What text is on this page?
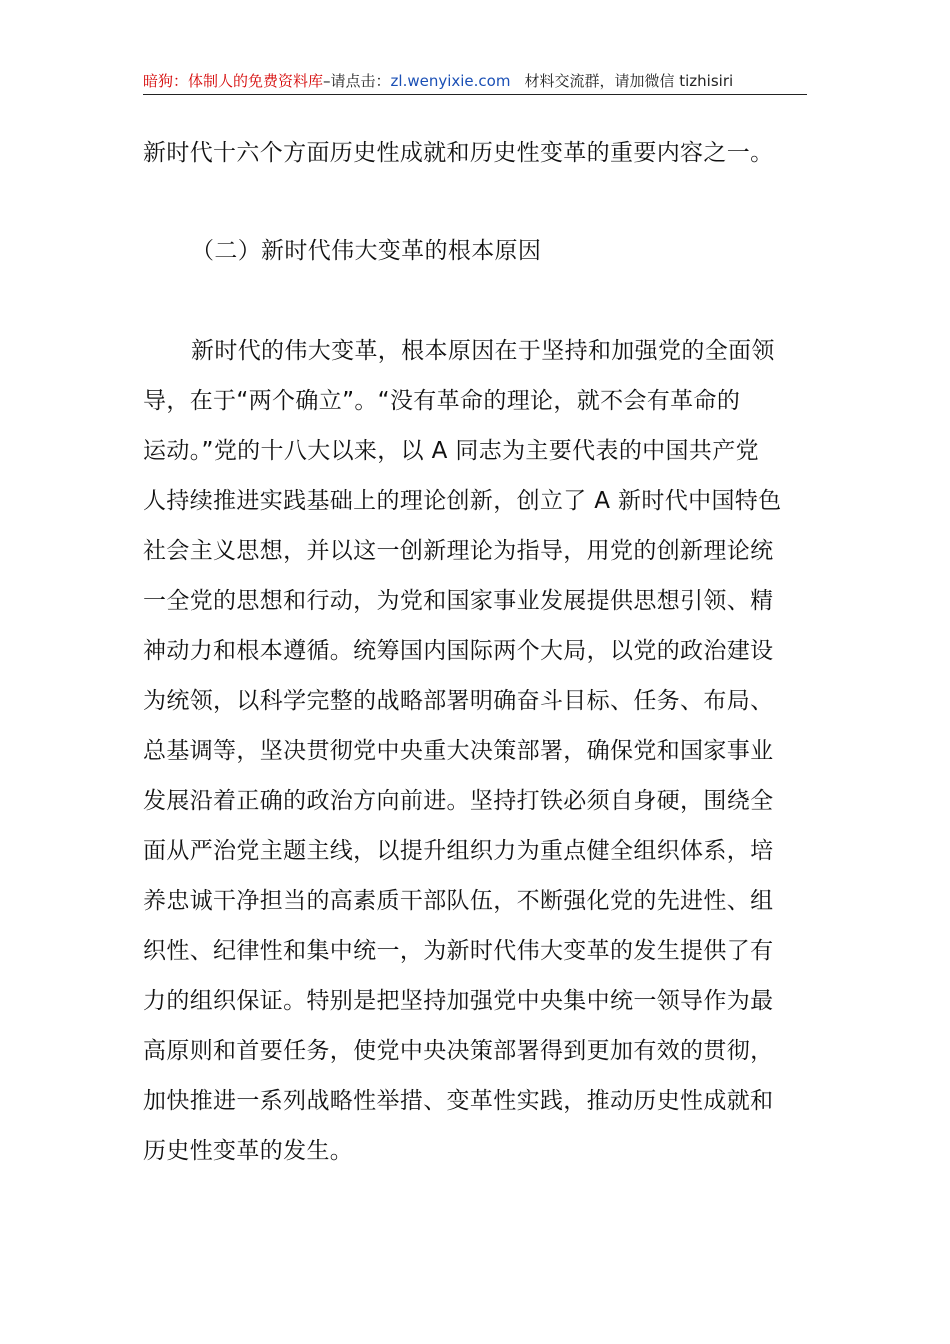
暗狗：体制人的免费资料库–请点击：zl.wenyixie.com 材料交流群，请加微信 tizhisiri
新时代十六个方面历史性成就和历史性变革的重要内容之一。
（二）新时代伟大变革的根本原因
新时代的伟大变革，根本原因在于坚持和加强党的全面领
导，在于“两个确立”。“没有革命的理论，就不会有革命的
运动。”党的十八大以来，以 A 同志为主要代表的中国共产党
人持续推进实践基础上的理论创新，创立了 A 新时代中国特色
社会主义思想，并以这一创新理论为指导，用党的创新理论统
一全党的思想和行动，为党和国家事业发展提供思想引领、精
神动力和根本遵循。统筹国内国际两个大局，以党的政治建设
为统领，以科学完整的战略部署明确奋斗目标、任务、布局、
总基调等，坚决贯彻党中央重大决策部署，确保党和国家事业
发展沿着正确的政治方向前进。坚持打铁必须自身硬，围绕全
面从严治党主题主线，以提升组织力为重点健全组织体系，培
养忠诚干净担当的高素质干部队伍，不断强化党的先进性、组
织性、纪律性和集中统一，为新时代伟大变革的发生提供了有
力的组织保证。特别是把坚持加强党中央集中统一领导作为最
高原则和首要任务，使党中央决策部署得到更加有效的贯彻，
加快推进一系列战略性举措、变革性实践，推动历史性成就和
历史性变革的发生。
